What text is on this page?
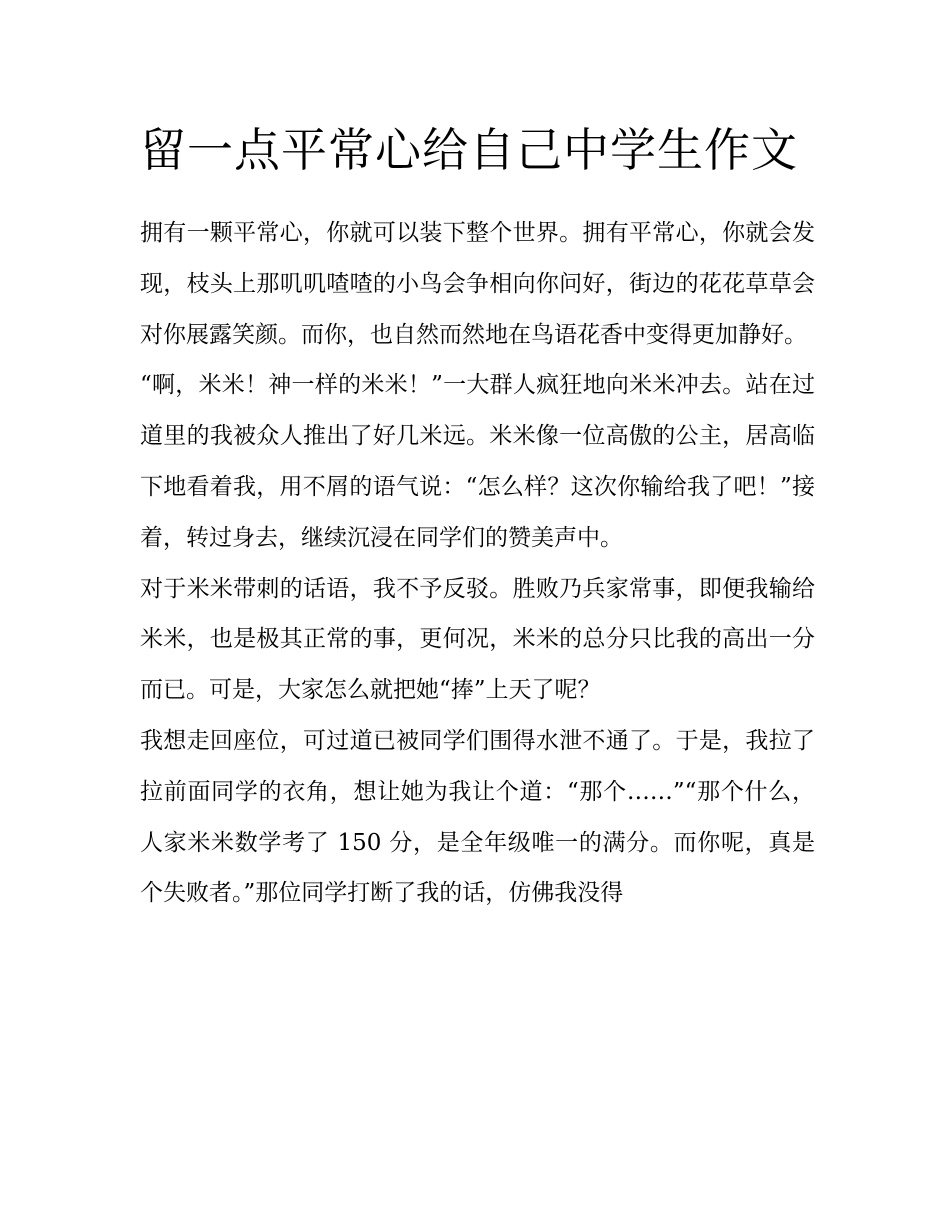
留一点平常心给自己中学生作文

拥有一颗平常心，你就可以装下整个世界。拥有平常心，你就会发现，枝头上那叽叽喳喳的小鸟会争相向你问好，街边的花花草草会对你展露笑颜。而你，也自然而然地在鸟语花香中变得更加静好。

“啊，米米！神一样的米米！”一大群人疯狂地向米米冲去。站在过道里的我被众人推出了好几米远。米米像一位高傲的公主，居高临下地看着我，用不屑的语气说：“怎么样？这次你输给我了吧！”接着，转过身去，继续沉浸在同学们的赞美声中。

对于米米带刺的话语，我不予反驳。胜败乃兵家常事，即便我输给米米，也是极其正常的事，更何况，米米的总分只比我的高出一分而已。可是，大家怎么就把她“捧”上天了呢？

我想走回座位，可过道已被同学们围得水泄不通了。于是，我拉了拉前面同学的衣角，想让她为我让个道：“那个……”“那个什么，人家米米数学考了 150 分，是全年级唯一的满分。而你呢，真是个失败者。”那位同学打断了我的话，仿佛我没得
